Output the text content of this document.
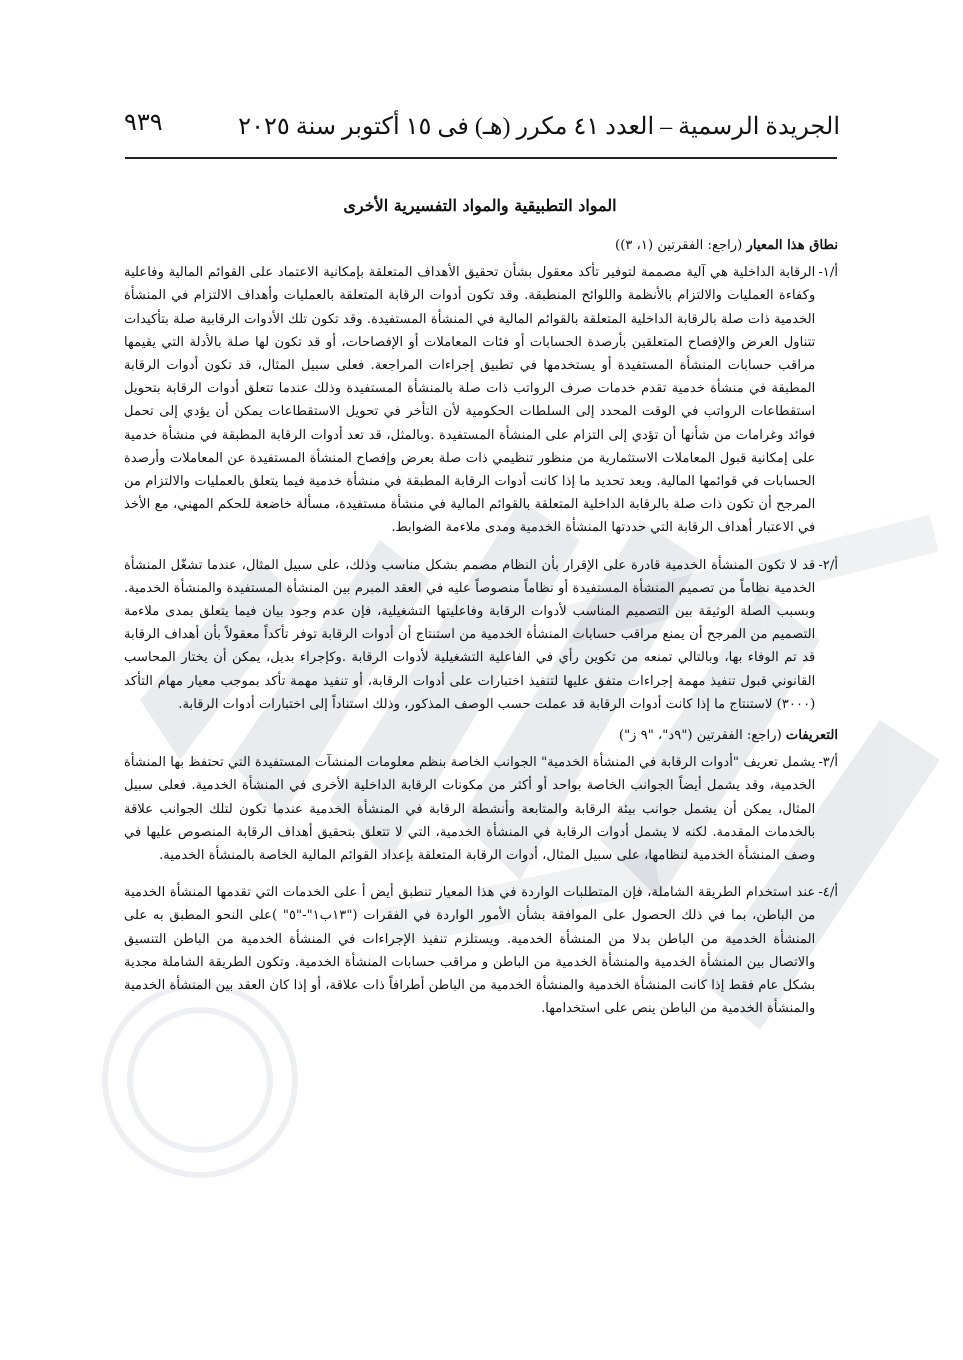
الجريدة الرسمية – العدد ٤١ مكرر (هـ) فى ١٥ أكتوبر سنة ٢٠٢٥
٩٣٩
المواد التطبيقية والمواد التفسيرية الأخرى
نطاق هذا المعيار (راجع: الفقرتين (١، ٣))
أ/١-
الرقابة الداخلية هي آلية مصممة لتوفير تأكد معقول بشأن تحقيق الأهداف المتعلقة بإمكانية الاعتماد على القوائم المالية وفاعلية وكفاءة العمليات والالتزام بالأنظمة واللوائح المنطبقة. وقد تكون أدوات الرقابة المتعلقة بالعمليات وأهداف الالتزام في المنشأة الخدمية ذات صلة بالرقابة الداخلية المتعلقة بالقوائم المالية في المنشأة المستفيدة. وقد تكون تلك الأدوات الرقابية صلة بتأكيدات تتناول العرض والإفصاح المتعلقين بأرصدة الحسابات أو فئات المعاملات أو الإفصاحات، أو قد تكون لها صلة بالأدلة التي يقيمها مراقب حسابات المنشأة المستفيدة أو يستخدمها في تطبيق إجراءات المراجعة. فعلى سبيل المثال، قد تكون أدوات الرقابة المطبقة في منشأة خدمية تقدم خدمات صرف الرواتب ذات صلة بالمنشأة المستفيدة وذلك عندما تتعلق أدوات الرقابة بتحويل استقطاعات الرواتب في الوقت المحدد إلى السلطات الحكومية لأن التأخر في تحويل الاستقطاعات يمكن أن يؤدي إلى تحمل فوائد وغرامات من شأنها أن تؤدي إلى التزام على المنشأة المستفيدة .وبالمثل، قد تعد أدوات الرقابة المطبقة في منشأة خدمية على إمكانية قبول المعاملات الاستثمارية من منظور تنظيمي ذات صلة بعرض وإفصاح المنشأة المستفيدة عن المعاملات وأرصدة الحسابات في قوائمها المالية. ويعد تحديد ما إذا كانت أدوات الرقابة المطبقة في منشأة خدمية فيما يتعلق بالعمليات والالتزام من المرجح أن تكون ذات صلة بالرقابة الداخلية المتعلقة بالقوائم المالية في منشأة مستفيدة، مسألة خاضعة للحكم المهني، مع الأخذ في الاعتبار أهداف الرقابة التي حددتها المنشأة الخدمية ومدى ملاءمة الضوابط.
أ/٢-
قد لا تكون المنشأة الخدمية قادرة على الإقرار بأن النظام مصمم بشكل مناسب وذلك، على سبيل المثال، عندما تشغّل المنشأة الخدمية نظاماً من تصميم المنشأة المستفيدة أو نظاماً منصوصاً عليه في العقد المبرم بين المنشأة المستفيدة والمنشأة الخدمية. وبسبب الصلة الوثيقة بين التصميم المناسب لأدوات الرقابة وفاعليتها التشغيلية، فإن عدم وجود بيان فيما يتعلق بمدى ملاءمة التصميم من المرجح أن يمنع مراقب حسابات المنشأة الخدمية من استنتاج أن أدوات الرقابة توفر تأكداً معقولاً بأن أهداف الرقابة قد تم الوفاء بها، وبالتالي تمنعه من تكوين رأي في الفاعلية التشغيلية لأدوات الرقابة .وكإجراء بديل، يمكن أن يختار المحاسب القانوني قبول تنفيذ مهمة إجراءات متفق عليها لتنفيذ اختبارات على أدوات الرقابة، أو تنفيذ مهمة تأكد بموجب معيار مهام التأكد (٣٠٠٠) لاستنتاج ما إذا كانت أدوات الرقابة قد عملت حسب الوصف المذكور، وذلك استناداً إلى اختبارات أدوات الرقابة.
التعريفات (راجع: الفقرتين ("٩د"، "٩ ز")
أ/٣-
يشمل تعريف "أدوات الرقابة في المنشأة الخدمية" الجوانب الخاصة بنظم معلومات المنشآت المستفيدة التي تحتفظ بها المنشأة الخدمية، وقد يشمل أيضاً الجوانب الخاصة بواحد أو أكثر من مكونات الرقابة الداخلية الأخرى في المنشأة الخدمية. فعلى سبيل المثال، يمكن أن يشمل جوانب بيئة الرقابة والمتابعة وأنشطة الرقابة في المنشأة الخدمية عندما تكون لتلك الجوانب علاقة بالخدمات المقدمة. لكنه لا يشمل أدوات الرقابة في المنشأة الخدمية، التي لا تتعلق بتحقيق أهداف الرقابة المنصوص عليها في وصف المنشأة الخدمية لنظامها، على سبيل المثال، أدوات الرقابة المتعلقة بإعداد القوائم المالية الخاصة بالمنشأة الخدمية.
أ/٤-
عند استخدام الطريقة الشاملة، فإن المتطلبات الواردة في هذا المعيار تنطبق أيض أ على الخدمات التي تقدمها المنشأة الخدمية من الباطن، بما في ذلك الحصول على الموافقة بشأن الأمور الواردة في الفقرات ("١٣ب١"-"٥" )على النحو المطبق به على المنشأة الخدمية من الباطن بدلا من المنشأة الخدمية. ويستلزم تنفيذ الإجراءات في المنشأة الخدمية من الباطن التنسيق والاتصال بين المنشأة الخدمية والمنشأة الخدمية من الباطن و مراقب حسابات المنشأة الخدمية. وتكون الطريقة الشاملة مجدية بشكل عام فقط إذا كانت المنشأة الخدمية والمنشأة الخدمية من الباطن أطرافاً ذات علاقة، أو إذا كان العقد بين المنشأة الخدمية والمنشأة الخدمية من الباطن ينص على استخدامها.
